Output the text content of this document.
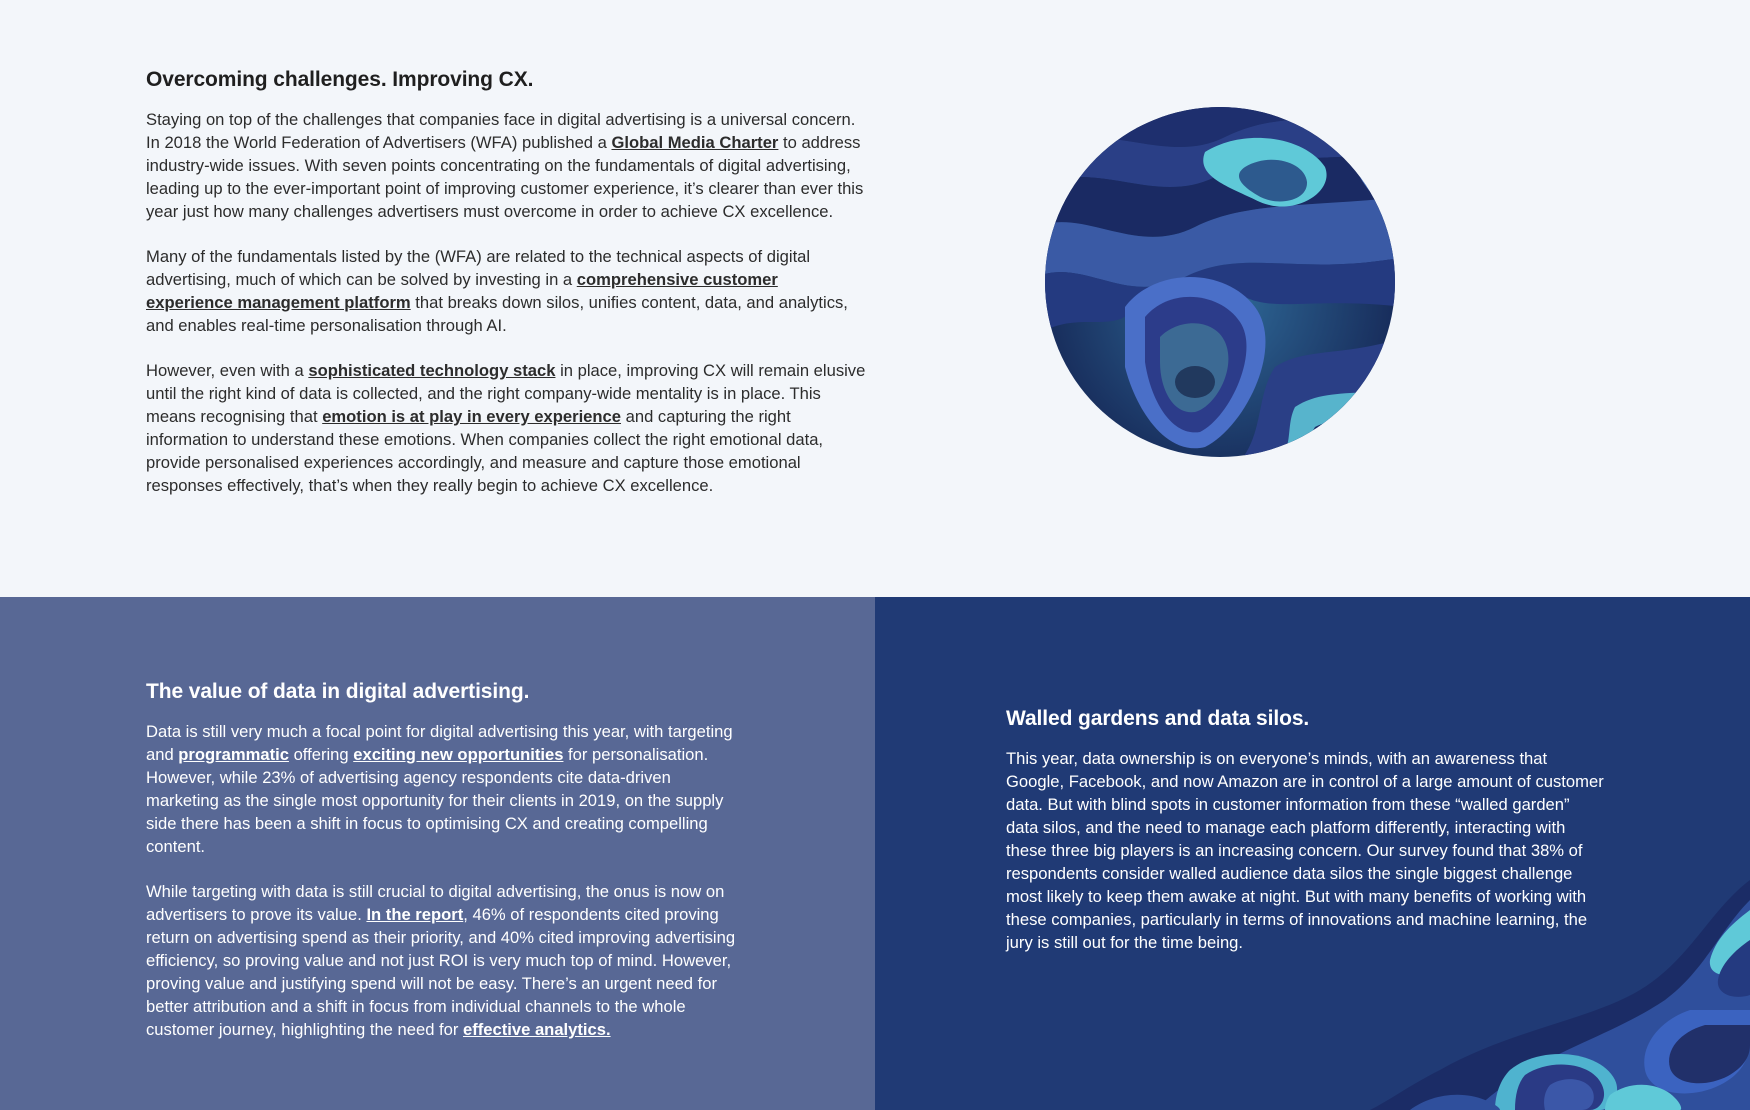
Overcoming challenges. Improving CX.

Staying on top of the challenges that companies face in digital advertising is a universal concern. In 2018 the World Federation of Advertisers (WFA) published a Global Media Charter to address industry-wide issues. With seven points concentrating on the fundamentals of digital advertising, leading up to the ever-important point of improving customer experience, it’s clearer than ever this year just how many challenges advertisers must overcome in order to achieve CX excellence.

Many of the fundamentals listed by the (WFA) are related to the technical aspects of digital advertising, much of which can be solved by investing in a comprehensive customer experience management platform that breaks down silos, unifies content, data, and analytics, and enables real-time personalisation through AI.

However, even with a sophisticated technology stack in place, improving CX will remain elusive until the right kind of data is collected, and the right company-wide mentality is in place. This means recognising that emotion is at play in every experience and capturing the right information to understand these emotions. When companies collect the right emotional data, provide personalised experiences accordingly, and measure and capture those emotional responses effectively, that’s when they really begin to achieve CX excellence.

The value of data in digital advertising.

Data is still very much a focal point for digital advertising this year, with targeting and programmatic offering exciting new opportunities for personalisation. However, while 23% of advertising agency respondents cite data-driven marketing as the single most opportunity for their clients in 2019, on the supply side there has been a shift in focus to optimising CX and creating compelling content.

While targeting with data is still crucial to digital advertising, the onus is now on advertisers to prove its value. In the report, 46% of respondents cited proving return on advertising spend as their priority, and 40% cited improving advertising efficiency, so proving value and not just ROI is very much top of mind. However, proving value and justifying spend will not be easy. There’s an urgent need for better attribution and a shift in focus from individual channels to the whole customer journey, highlighting the need for effective analytics.

Walled gardens and data silos.

This year, data ownership is on everyone’s minds, with an awareness that Google, Facebook, and now Amazon are in control of a large amount of customer data. But with blind spots in customer information from these “walled garden” data silos, and the need to manage each platform differently, interacting with these three big players is an increasing concern. Our survey found that 38% of respondents consider walled audience data silos the single biggest challenge most likely to keep them awake at night. But with many benefits of working with these companies, particularly in terms of innovations and machine learning, the jury is still out for the time being.
